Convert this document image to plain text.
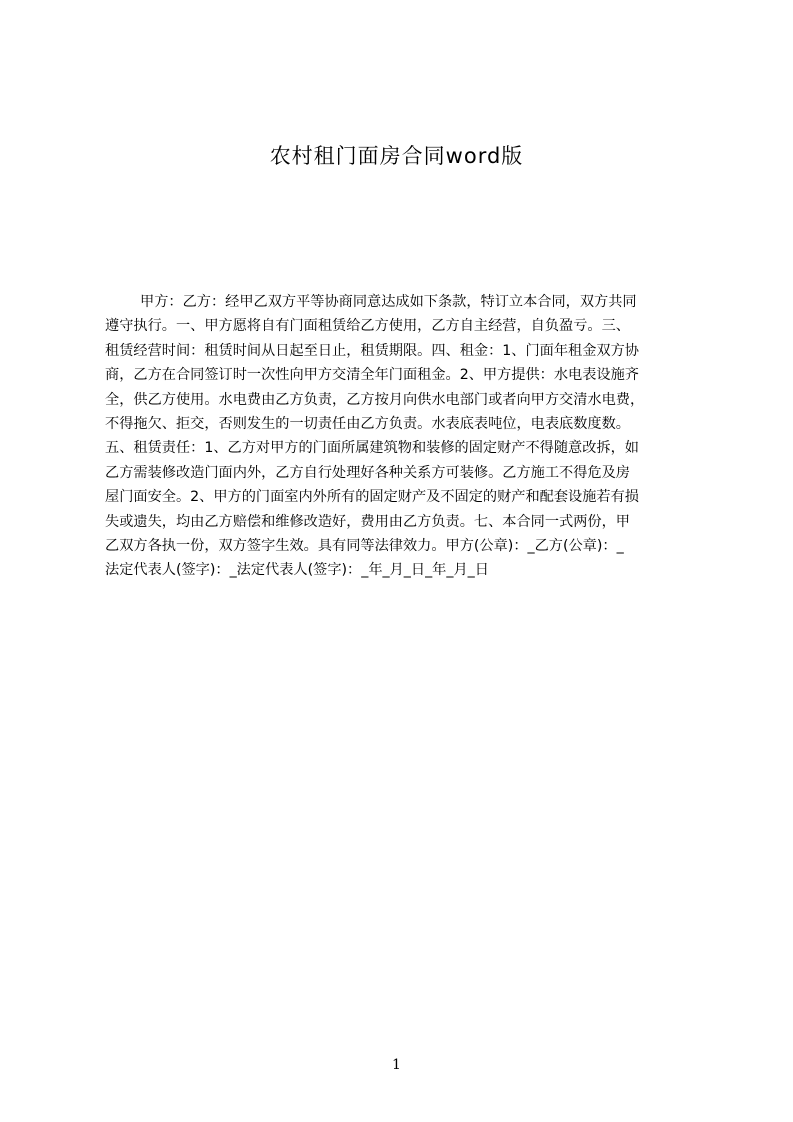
农村租门面房合同word版
甲方：乙方：经甲乙双方平等协商同意达成如下条款，特订立本合同，双方共同
遵守执行。一、甲方愿将自有门面租赁给乙方使用，乙方自主经营，自负盈亏。三、
租赁经营时间：租赁时间从日起至日止，租赁期限。四、租金：1、门面年租金双方协
商，乙方在合同签订时一次性向甲方交清全年门面租金。2、甲方提供：水电表设施齐
全，供乙方使用。水电费由乙方负责，乙方按月向供水电部门或者向甲方交清水电费，
不得拖欠、拒交，否则发生的一切责任由乙方负责。水表底表吨位，电表底数度数。
五、租赁责任：1、乙方对甲方的门面所属建筑物和装修的固定财产不得随意改拆，如
乙方需装修改造门面内外，乙方自行处理好各种关系方可装修。乙方施工不得危及房
屋门面安全。2、甲方的门面室内外所有的固定财产及不固定的财产和配套设施若有损
失或遗失，均由乙方赔偿和维修改造好，费用由乙方负责。七、本合同一式两份，甲
乙双方各执一份，双方签字生效。具有同等法律效力。甲方(公章)：_乙方(公章)：_
法定代表人(签字)：_法定代表人(签字)：_年_月_日_年_月_日
1
